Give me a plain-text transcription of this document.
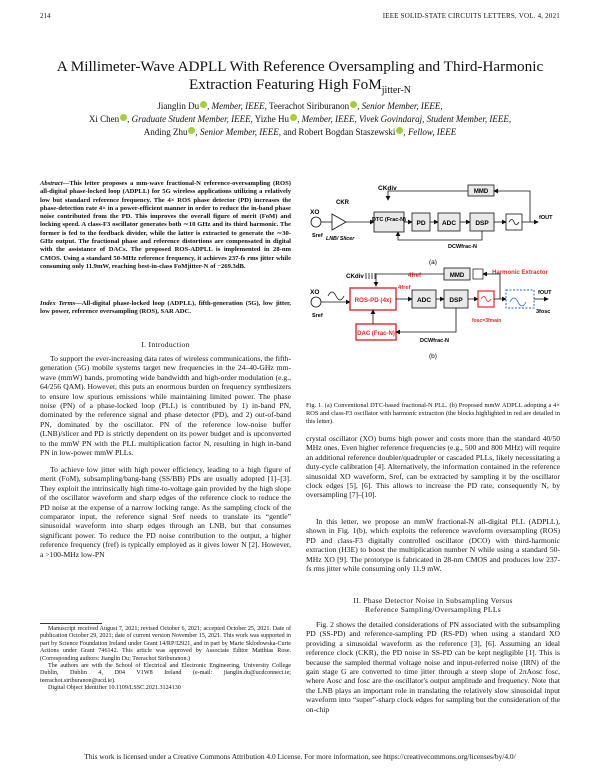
214	IEEE SOLID-STATE CIRCUITS LETTERS, VOL. 4, 2021
A Millimeter-Wave ADPLL With Reference Oversampling and Third-Harmonic Extraction Featuring High FoM$_{jitter-N}$
Jianglin Du , Member, IEEE, Teerachot Siriburanon , Senior Member, IEEE,
Xi Chen , Graduate Student Member, IEEE, Yizhe Hu , Member, IEEE, Vivek Govindaraj, Student Member, IEEE,
Anding Zhu , Senior Member, IEEE, and Robert Bogdan Staszewski , Fellow, IEEE
Abstract—This letter proposes a mm-wave fractional-N reference-oversampling (ROS) all-digital phase-locked loop (ADPLL) for 5G wireless applications utilizing a relatively low but standard reference frequency. The 4× ROS phase detector (PD) increases the phase-detection rate 4× in a power-efficient manner in order to reduce the in-band phase noise contributed from the PD. This improves the overall figure of merit (FoM) and locking speed. A class-F3 oscillator generates both ∼10 GHz and its third harmonic. The former is fed to the feedback divider, while the latter is extracted to generate the ∼30-GHz output. The fractional phase and reference distortions are compensated in digital with the assistance of DACs. The proposed ROS-ADPLL is implemented in 28-nm CMOS. Using a standard 50-MHz reference frequency, it achieves 237-fs rms jitter while consuming only 11.9mW, reaching best-in-class FoMjitter-N of −269.3dB.
Index Terms—All-digital phase-locked loop (ADPLL), fifth-generation (5G), low jitter, low power, reference oversampling (ROS), SAR ADC.
I. Introduction
To support the ever-increasing data rates of wireless communications, the fifth-generation (5G) mobile systems target new frequencies in the 24–40-GHz mm-wave (mmW) bands, promoting wide bandwidth and high-order modulation (e.g., 64/256 QAM). However, this puts an enormous burden on frequency synthesizers to ensure low spurious emissions while maintaining limited power. The phase noise (PN) of a phase-locked loop (PLL) is contributed by 1) in-band PN, dominated by the reference signal and phase detector (PD), and 2) out-of-band PN, dominated by the oscillator. PN of the reference low-noise buffer (LNB)/slicer and PD is strictly dependent on its power budget and is upconverted to the mmW PN with the PLL multiplication factor N, resulting in high in-band PN in low-power mmW PLLs.
To achieve low jitter with high power efficiency, leading to a high figure of merit (FoM), subsampling/bang-bang (SS/BB) PDs are usually adopted [1]–[3]. They exploit the intrinsically high time-to-voltage gain provided by the high slope of the oscillator waveform and sharp edges of the reference clock to reduce the PD noise at the expense of a narrow locking range. As the sampling clock of the comparator input, the reference signal Sref needs to translate its “gentle” sinusoidal waveform into sharp edges through an LNB, but that consumes significant power. To reduce the PD noise contribution to the output, a higher reference frequency (fref) is typically employed as it gives lower N [2]. However, a >100-MHz low-PN

Manuscript received August 7, 2021; revised October 6, 2021; accepted October 25, 2021. Date of publication October 29, 2021; date of current version November 15, 2021. This work was supported in part by Science Foundation Ireland under Grant 14/RP/I2921, and in part by Marie Sklodowska-Curie Actions under Grant 746142. This article was approved by Associate Editor Matthias Rose. (Corresponding authors: Jianglin Du; Teerachot Siriburanon.)

The authors are with the School of Electrical and Electronic Engineering, University College Dublin, Dublin 4, D04 V1W8 Ireland (e-mail: jianglin.du@ucdconnect.ie; teerachot.siriburanon@ucd.ie).

Digital Object Identifier 10.1109/LSSC.2021.3124130

CKdiv	MMD
CKR
XO
Sref LNB/ Slicer
DTC (Frac-N) PD	ADC	DSP
fOUT
DCWfrac-N
(a)
CKdiv	4fref	MMD
XO
Sref
ROS-PD (4x)
4fref
ADC	DSP
Harmonic Extractor
fOUT
3fosc
fosc=3fmain
DAC (Frac-N)
DCWfrac-N
(b)
Fig. 1. (a) Conventional DTC-based fractional-N PLL. (b) Proposed mmW ADPLL adopting a 4× ROS and class-F3 oscillator with harmonic extraction (the blocks highlighted in red are detailed in this letter).
crystal oscillator (XO) burns high power and costs more than the standard 40/50 MHz ones. Even higher reference frequencies (e.g., 500 and 800 MHz) will require an additional reference doubler/quadrupler or cascaded PLLs, likely necessitating a duty-cycle calibration [4]. Alternatively, the information contained in the reference sinusoidal XO waveform, Sref, can be extracted by sampling it by the oscillator clock edges [5], [6]. This allows to increase the PD rate, consequently N, by oversampling [7]–[10].
In this letter, we propose an mmW fractional-N all-digital PLL (ADPLL), shown in Fig. 1(b), which exploits the reference waveform oversampling (ROS) PD and class-F3 digitally controlled oscillator (DCO) with third-harmonic extraction (H3E) to boost the multiplication number N while using a standard 50-MHz XO [9]. The prototype is fabricated in 28-nm CMOS and produces low 237-fs rms jitter while consuming only 11.9 mW.
II. Phase Detector Noise in Subsampling Versus
Reference Sampling/Oversampling PLLs
Fig. 2 shows the detailed considerations of PN associated with the subsampling PD (SS-PD) and reference-sampling PD (RS-PD) when using a standard XO providing a sinusoidal waveform as the reference [3], [6]. Assuming an ideal reference clock (CKR), the PD noise in SS-PD can be kept negligible [1]. This is because the sampled thermal voltage noise and input-referred noise (IRN) of the gain stage G are converted to time jitter through a steep slope of 2πAosc fosc, where Aosc and fosc are the oscillator's output amplitude and frequency. Note that the LNB plays an important role in translating the relatively slow sinusoidal input waveform into “super”-sharp clock edges for sampling but the consideration of the on-chip
This work is licensed under a Creative Commons Attribution 4.0 License. For more information, see https://creativecommons.org/licenses/by/4.0/
